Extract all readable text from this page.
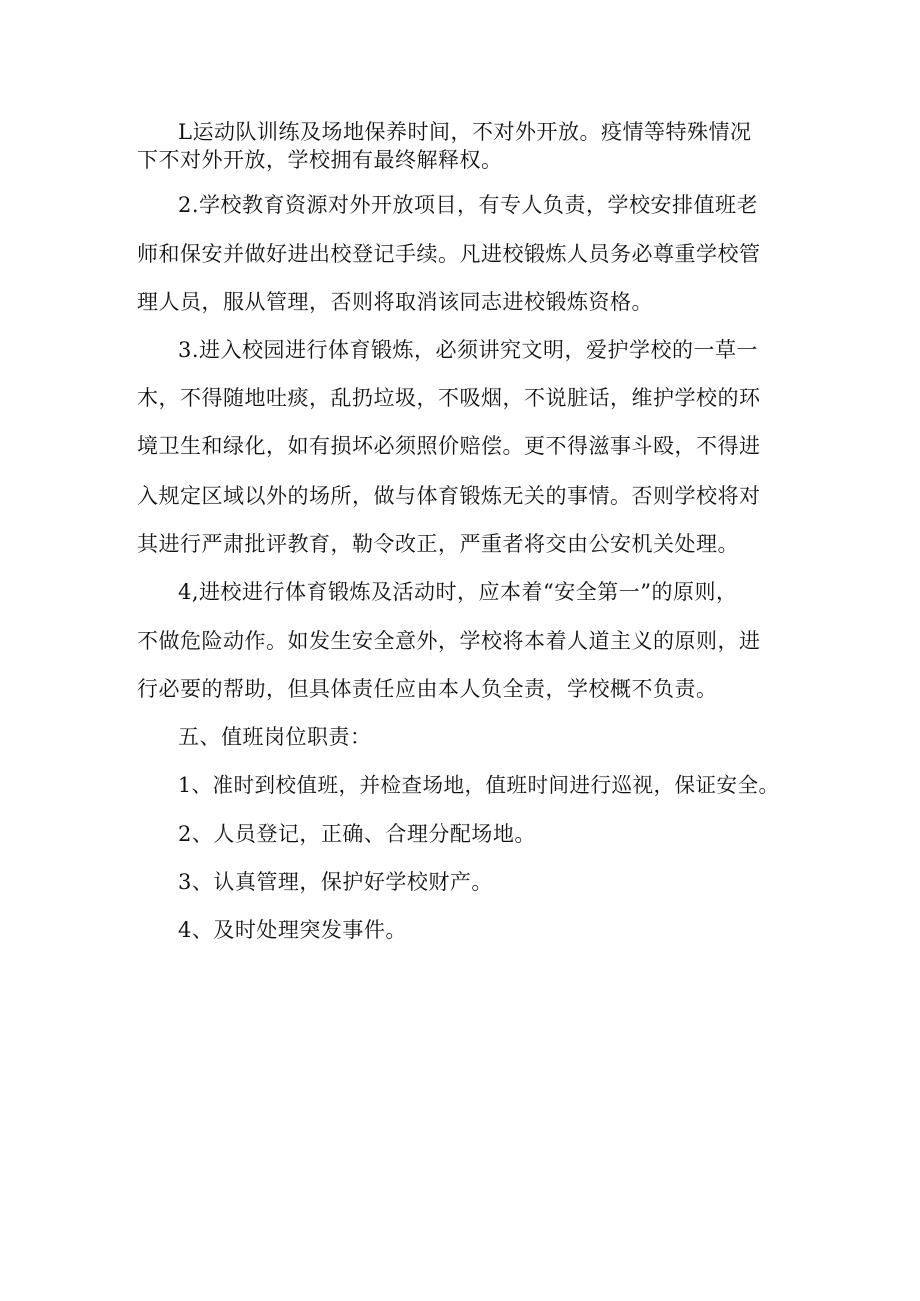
L运动队训练及场地保养时间，不对外开放。疫情等特殊情况
下不对外开放，学校拥有最终解释权。
2.学校教育资源对外开放项目，有专人负责，学校安排值班老
师和保安并做好进出校登记手续。凡进校锻炼人员务必尊重学校管
理人员，服从管理，否则将取消该同志进校锻炼资格。
3.进入校园进行体育锻炼，必须讲究文明，爱护学校的一草一
木，不得随地吐痰，乱扔垃圾，不吸烟，不说脏话，维护学校的环
境卫生和绿化，如有损坏必须照价赔偿。更不得滋事斗殴，不得进
入规定区域以外的场所，做与体育锻炼无关的事情。否则学校将对
其进行严肃批评教育，勒令改正，严重者将交由公安机关处理。
4,进校进行体育锻炼及活动时，应本着“安全第一”的原则，
不做危险动作。如发生安全意外，学校将本着人道主义的原则，进
行必要的帮助，但具体责任应由本人负全责，学校概不负责。
五、值班岗位职责：
1、准时到校值班，并检查场地，值班时间进行巡视，保证安全。
2、人员登记，正确、合理分配场地。
3、认真管理，保护好学校财产。
4、及时处理突发事件。
